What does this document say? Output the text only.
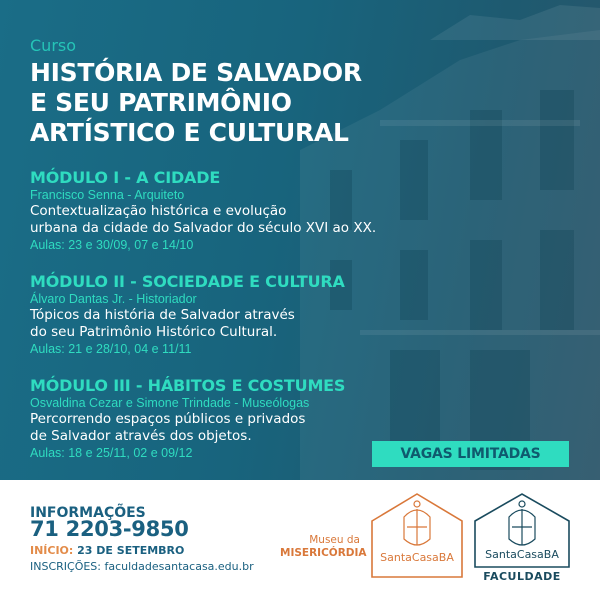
Curso
HISTÓRIA DE SALVADOR
E SEU PATRIMÔNIO
ARTÍSTICO E CULTURAL
MÓDULO I - A CIDADE
Francisco Senna - Arquiteto
Contextualização histórica e evolução
urbana da cidade do Salvador do século XVI ao XX.
Aulas: 23 e 30/09, 07 e 14/10
MÓDULO II - SOCIEDADE E CULTURA
Álvaro Dantas Jr. - Historiador
Tópicos da história de Salvador através
do seu Patrimônio Histórico Cultural.
Aulas: 21 e 28/10, 04 e 11/11
MÓDULO III - HÁBITOS E COSTUMES
Osvaldina Cezar e Simone Trindade - Museólogas
Percorrendo espaços públicos e privados
de Salvador através dos objetos.
Aulas: 18 e 25/11, 02 e 09/12	VAGAS LIMITADAS
INFORMAÇÕES
71 2203-9850
INÍCIO: 23 DE SETEMBRO
INSCRIÇÕES: faculdadesantacasa.edu.br
Museu da
MISERICÓRDIA	SantaCasaBA	SantaCasaBA
FACULDADE
